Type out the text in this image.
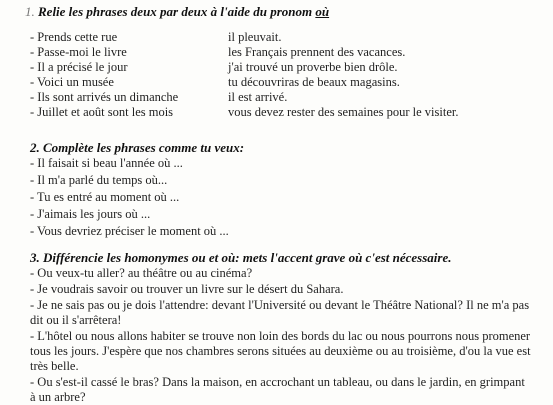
1. Relie les phrases deux par deux à l'aide du pronom où
- Prends cette rue
- Passe-moi le livre
- Il a précisé le jour
- Voici un musée
- Ils sont arrivés un dimanche
- Juillet et août sont les mois
il pleuvait.
les Français prennent des vacances.
j'ai trouvé un proverbe bien drôle.
tu découvriras de beaux magasins.
il est arrivé.
vous devez rester des semaines pour le visiter.
2. Complète les phrases comme tu veux:
- Il faisait si beau l'année où ...
- Il m'a parlé du temps où...
- Tu es entré au moment où ...
- J'aimais les jours où ...
- Vous devriez préciser le moment où ...
3. Différencie les homonymes ou et où: mets l'accent grave où c'est nécessaire.
- Ou veux-tu aller? au théâtre ou au cinéma?
- Je voudrais savoir ou trouver un livre sur le désert du Sahara.
- Je ne sais pas ou je dois l'attendre: devant l'Université ou devant le Théâtre National? Il ne m'a pas
dit ou il s'arrêtera!
- L'hôtel ou nous allons habiter se trouve non loin des bords du lac ou nous pourrons nous promener
tous les jours. J'espère que nos chambres serons situées au deuxième ou au troisième, d'ou la vue est
très belle.
- Ou s'est-il cassé le bras? Dans la maison, en accrochant un tableau, ou dans le jardin, en grimpant
à un arbre?
